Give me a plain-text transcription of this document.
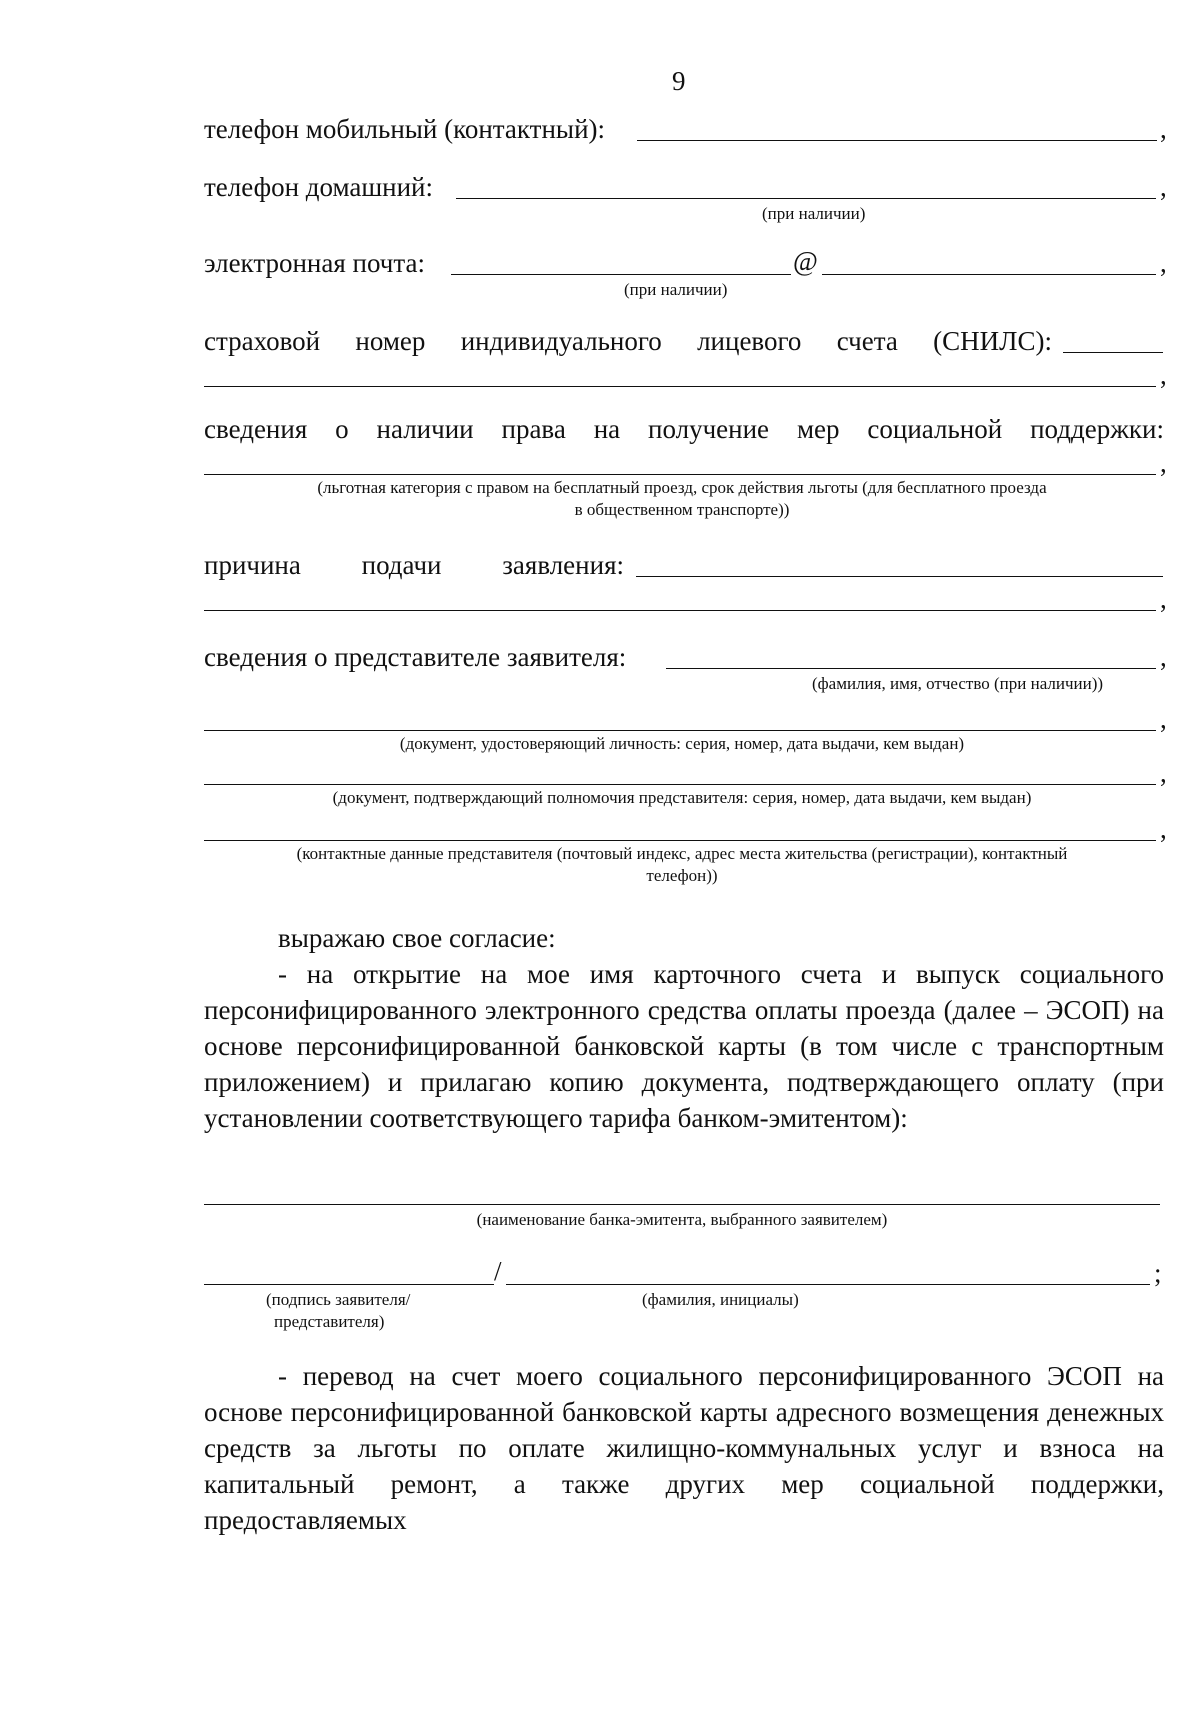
9
телефон мобильный (контактный):	,
телефон домашний:	,
(при наличии)
электронная почта:	@	,
(при наличии)
страховой номер индивидуального лицевого счета (СНИЛС):
,
сведения о наличии права на получение мер социальной поддержки:
,
(льготная категория с правом на бесплатный проезд, срок действия льготы (для бесплатного проезда
в общественном транспорте))
причина подачи заявления:
,
сведения о представителе заявителя:	,
(фамилия, имя, отчество (при наличии))
,
(документ, удостоверяющий личность: серия, номер, дата выдачи, кем выдан)
,
(документ, подтверждающий полномочия представителя: серия, номер, дата выдачи, кем выдан)
,
(контактные данные представителя (почтовый индекс, адрес места жительства (регистрации), контактный
телефон))

выражаю свое согласие:

- на открытие на мое имя карточного счета и выпуск социального персонифицированного электронного средства оплаты проезда (далее – ЭСОП) на основе персонифицированной банковской карты (в том числе с транспортным приложением) и прилагаю копию документа, подтверждающего оплату (при установлении соответствующего тарифа банком-эмитентом):

(наименование банка-эмитента, выбранного заявителем)
/	;
(подпись заявителя/
представителя)
(фамилия, инициалы)

- перевод на счет моего социального персонифицированного ЭСОП на основе персонифицированной банковской карты адресного возмещения денежных средств за льготы по оплате жилищно-коммунальных услуг и взноса на капитальный ремонт, а также других мер социальной поддержки, предоставляемых
